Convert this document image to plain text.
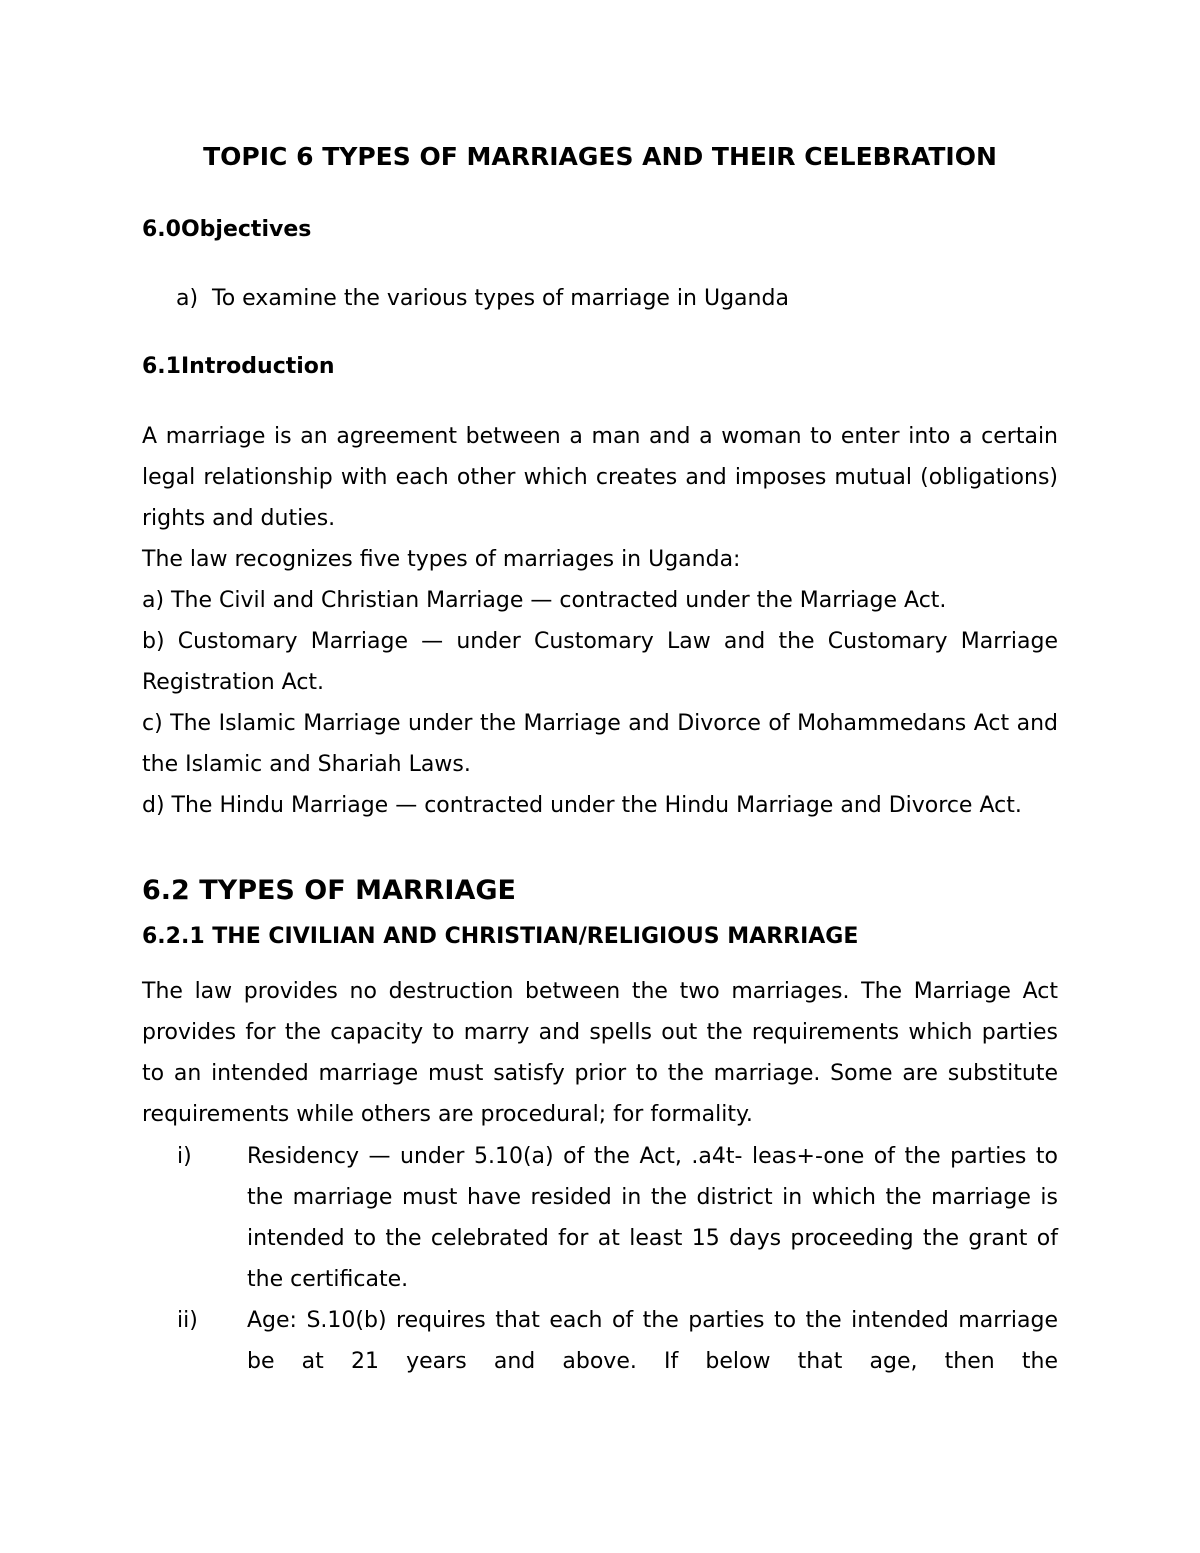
TOPIC 6 TYPES OF MARRIAGES AND THEIR CELEBRATION
6.0Objectives
a) To examine the various types of marriage in Uganda
6.1Introduction

A marriage is an agreement between a man and a woman to enter into a certain legal relationship with each other which creates and imposes mutual (obligations) rights and duties.

The law recognizes five types of marriages in Uganda:

a) The Civil and Christian Marriage — contracted under the Marriage Act.

b) Customary Marriage — under Customary Law and the Customary Marriage Registration Act.

c) The Islamic Marriage under the Marriage and Divorce of Mohammedans Act and the Islamic and Shariah Laws.

d) The Hindu Marriage — contracted under the Hindu Marriage and Divorce Act.

6.2 TYPES OF MARRIAGE
6.2.1 THE CIVILIAN AND CHRISTIAN/RELIGIOUS MARRIAGE

The law provides no destruction between the two marriages. The Marriage Act provides for the capacity to marry and spells out the requirements which parties to an intended marriage must satisfy prior to the marriage. Some are substitute requirements while others are procedural; for formality.

i)	Residency — under 5.10(a) of the Act, .a4t- leas+-one of the parties to the marriage must have resided in the district in which the marriage is intended to the celebrated for at least 15 days proceeding the grant of the certificate.
ii) Age: S.10(b) requires that each of the parties to the intended marriage be at 21 years and above. If below that age, then the
